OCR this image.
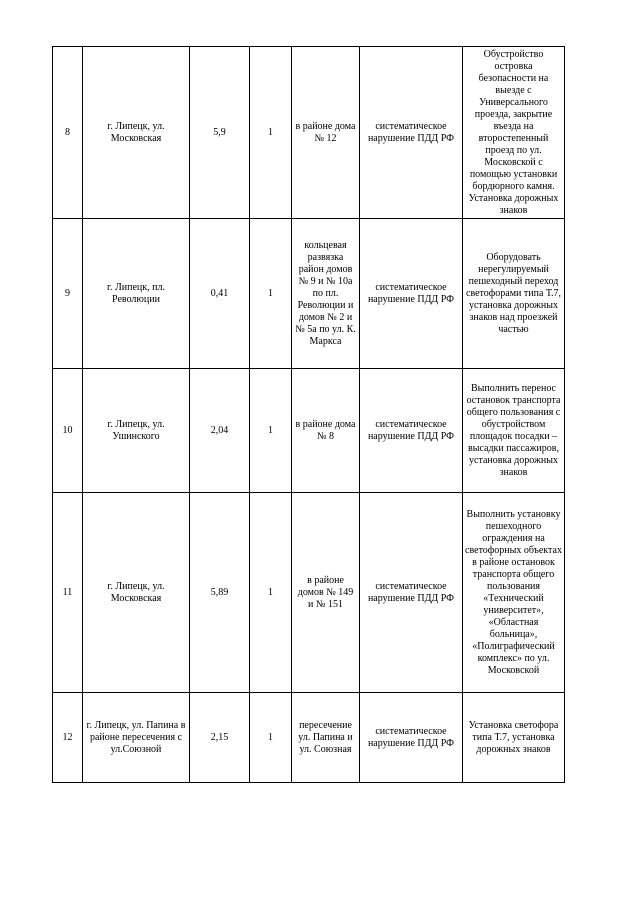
8	г. Липецк, ул. Московская	5,9	1	в районе дома № 12	систематическое нарушение ПДД РФ	Обустройство островка безопасности на выезде с Универсального проезда, закрытие въезда на второстепенный проезд по ул. Московской с помощью установки бордюрного камня. Установка дорожных знаков
9	г. Липецк, пл. Революции	0,41	1	кольцевая развязка район домов № 9 и № 10а по пл. Революции и домов № 2 и № 5а по ул. К. Маркса	систематическое нарушение ПДД РФ	Оборудовать нерегулируемый пешеходный переход светофорами типа Т.7, установка дорожных знаков над проезжей частью
10	г. Липецк, ул. Ушинского	2,04	1	в районе дома № 8	систематическое нарушение ПДД РФ	Выполнить перенос остановок транспорта общего пользования с обустройством площадок посадки – высадки пассажиров, установка дорожных знаков
11	г. Липецк, ул. Московская	5,89	1	в районе домов № 149 и № 151	систематическое нарушение ПДД РФ	Выполнить установку пешеходного ограждения на светофорных объектах в районе остановок транспорта общего пользования «Технический университет», «Областная больница», «Полиграфический комплекс» по ул. Московской
12	г. Липецк, ул. Папина в районе пересечения с ул.Союзной	2,15	1	пересечение ул. Папина и ул. Союзная	систематическое нарушение ПДД РФ	Установка светофора типа Т.7, установка дорожных знаков
